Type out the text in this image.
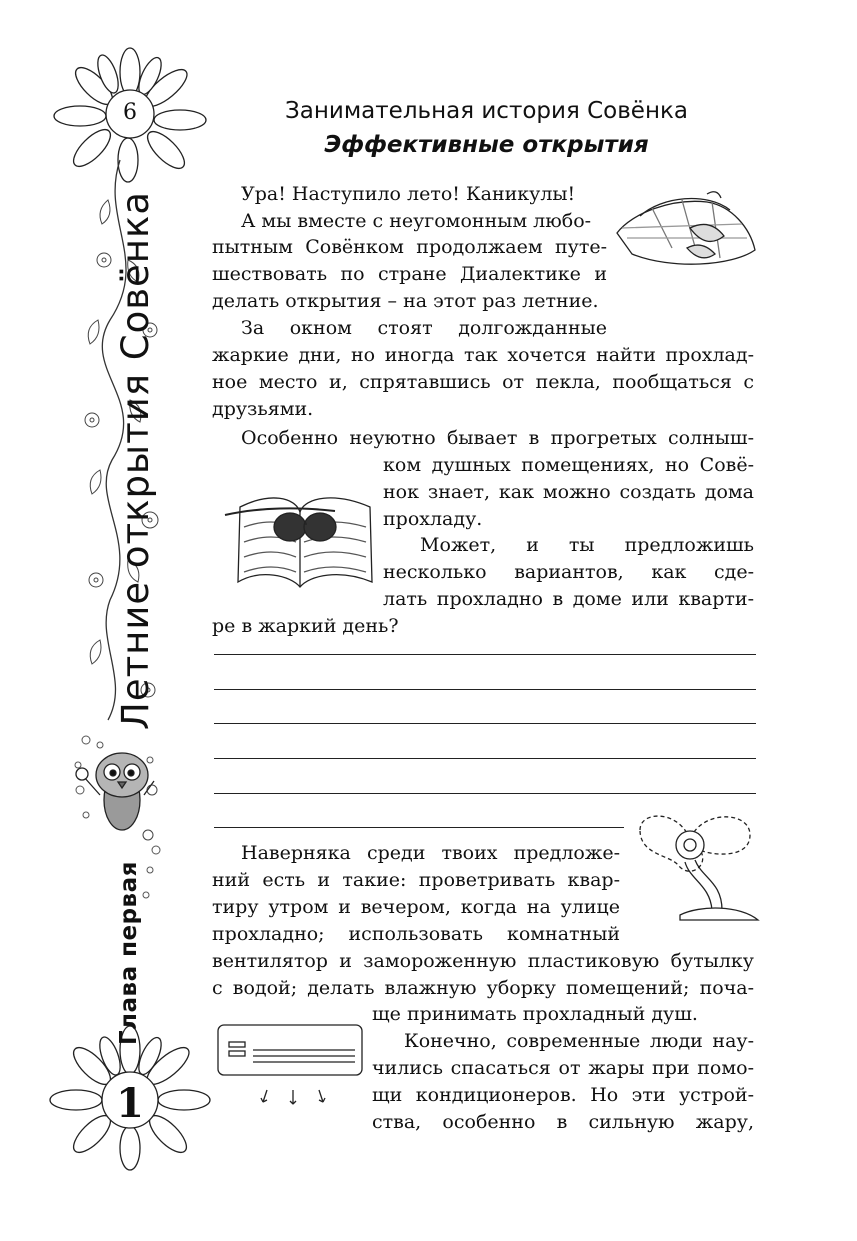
6
Летние открытия Совёнка
Глава первая
1
Занимательная история Совёнка
Эффективные открытия
Ура! Наступило лето! Каникулы!
А мы вместе с неугомонным любо-
пытным Совёнком продолжаем путе-
шествовать по стране Диалектике и
делать открытия – на этот раз летние.
За окном стоят долгожданные
жаркие дни, но иногда так хочется найти прохлад-
ное место и, спрятавшись от пекла, пообщаться с
друзьями.
Особенно неуютно бывает в прогретых солныш-
ком душных помещениях, но Совё-
нок знает, как можно создать дома
прохладу.
Может, и ты предложишь
несколько вариантов, как сде-
лать прохладно в доме или кварти-
ре в жаркий день?
Наверняка среди твоих предложе-
ний есть и такие: проветривать квар-
тиру утром и вечером, когда на улице
прохладно; использовать комнатный
вентилятор и замороженную пластиковую бутылку
с водой; делать влажную уборку помещений; поча-
ще принимать прохладный душ.
Конечно, современные люди нау-
чились спасаться от жары при помо-
щи кондиционеров. Но эти устрой-
ства, особенно в сильную жару,
